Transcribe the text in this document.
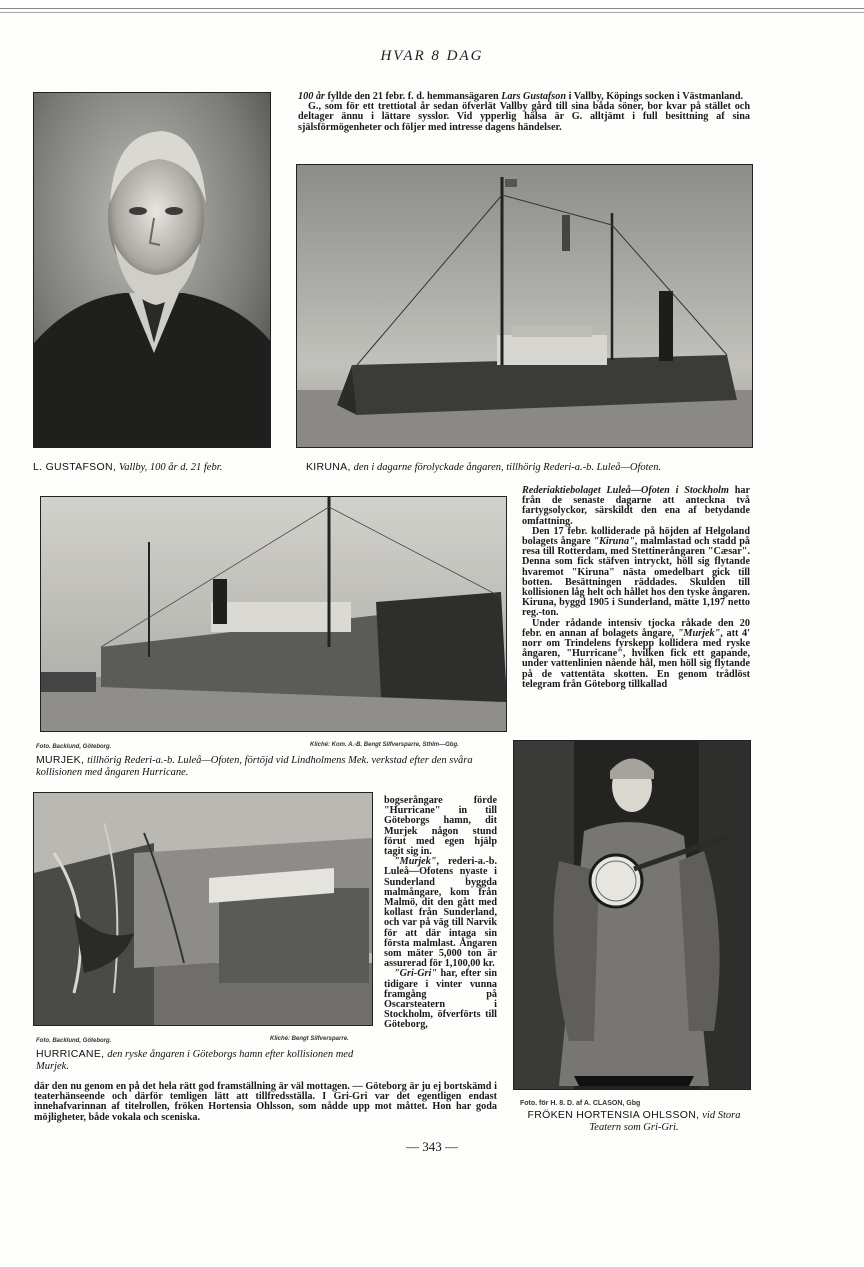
HVAR 8 DAG
L. GUSTAFSON, Vallby, 100 år d. 21 febr.

100 år fyllde den 21 febr. f. d. hemmansägaren Lars Gustafson i Vallby, Köpings socken i Västmanland.

G., som för ett trettiotal år sedan öfverlät Vallby gård till sina båda söner, bor kvar på stället och deltager ännu i lättare sysslor. Vid ypperlig hälsa är G. alltjämt i full besittning af sina själsförmögenheter och följer med intresse dagens händelser.

KIRUNA, den i dagarne förolyckade ångaren, tillhörig Rederi-a.-b. Luleå—Ofoten.
Foto. Backlund, Göteborg.	Kliché: Kom. A.-B. Bengt Silfversparre, Sthlm—Gbg.
MURJEK, tillhörig Rederi-a.-b. Luleå—Ofoten, förtöjd vid Lindholmens Mek. verkstad efter den svåra kollisionen med ångaren Hurricane.

Rederiaktiebolaget Luleå—Ofoten i Stockholm har från de senaste dagarne att anteckna två fartygsolyckor, särskildt den ena af betydande omfattning.

Den 17 febr. kolliderade på höjden af Helgoland bolagets ångare "Kiruna", malmlastad och stadd på resa till Rotterdam, med Stettinerångaren "Cæsar". Denna som fick stäfven intryckt, höll sig flytande hvaremot "Kiruna" nästa omedelbart gick till botten. Besättningen räddades. Skulden till kollisionen låg helt och hållet hos den tyske ångaren. Kiruna, byggd 1905 i Sunderland, mätte 1,197 netto reg.-ton.

Under rådande intensiv tjocka råkade den 20 febr. en annan af bolagets ångare, "Murjek", att 4' norr om Trindelens fyrskepp kollidera med ryske ångaren, "Hurricane", hvilken fick ett gapande, under vattenlinien nående hål, men höll sig flytande på de vattentäta skotten. En genom trådlöst telegram från Göteborg tillkallad

Foto. Backlund, Göteborg.	Kliché: Bengt Silfversparre.
HURRICANE, den ryske ångaren i Göteborgs hamn efter kollisionen med Murjek.

bogserångare förde "Hurricane" in till Göteborgs hamn, dit Murjek någon stund förut med egen hjälp tagit sig in.

"Murjek", rederi-a.-b. Luleå—Ofotens nyaste i Sunderland byggda malmångare, kom från Malmö, dit den gått med kollast från Sunderland, och var på väg till Narvik för att där intaga sin första malmlast. Ångaren som mäter 5,000 ton är assurerad för 1,100,00 kr.

"Gri-Gri" har, efter sin tidigare i vinter vunna framgång på Oscarsteatern i Stockholm, öfverförts till Göteborg,

där den nu genom en på det hela rätt god framställning är väl mottagen. — Göteborg är ju ej bortskämd i teaterhänseende och därför temligen lätt att tillfredsställa. I Gri-Gri var det egentligen endast innehafvarinnan af titelrollen, fröken Hortensia Ohlsson, som nådde upp mot måttet. Hon har goda möjligheter, både vokala och sceniska.

Foto. för H. 8. D. af A. CLASON, Gbg
FRÖKEN HORTENSIA OHLSSON, vid Stora Teatern som Gri-Gri.
— 343 —
